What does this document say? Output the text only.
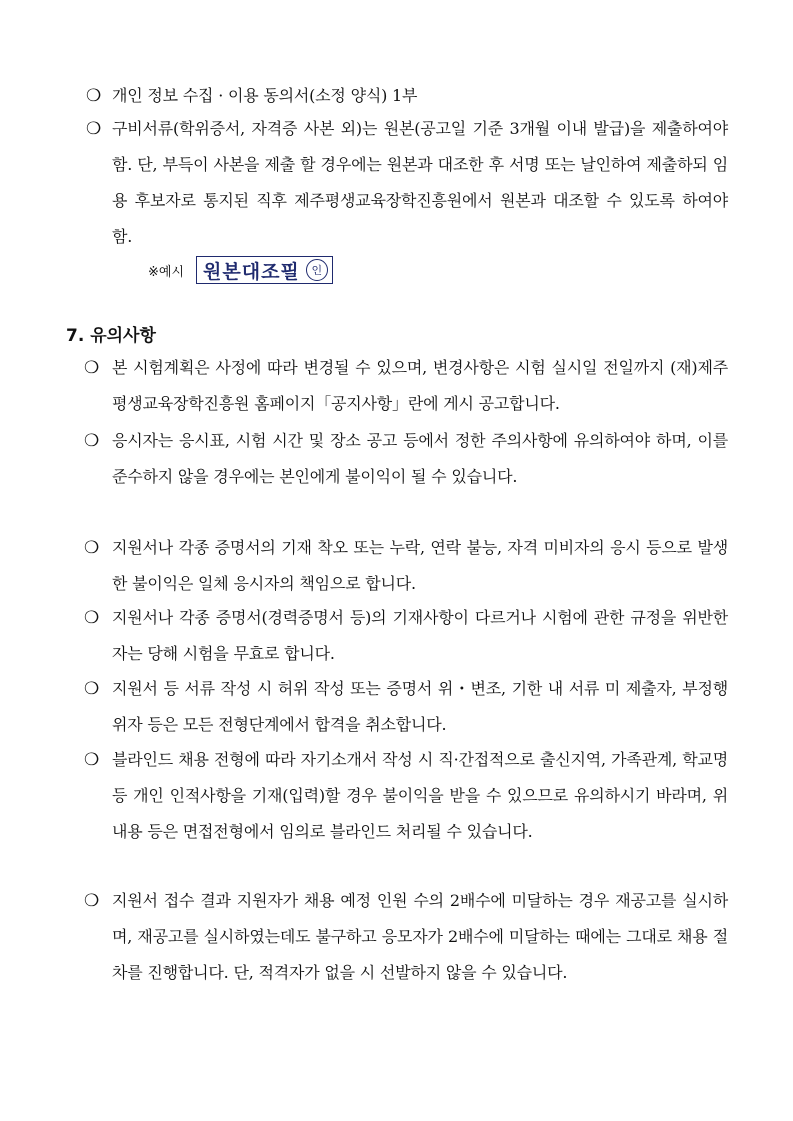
❍ 개인 정보 수집 · 이용 동의서(소정 양식) 1부
❍ 구비서류(학위증서, 자격증 사본 외)는 원본(공고일 기준 3개월 이내 발급)을 제출하여야 함. 단, 부득이 사본을 제출 할 경우에는 원본과 대조한 후 서명 또는 날인하여 제출하되 임용 후보자로 통지된 직후 제주평생교육장학진흥원에서 원본과 대조할 수 있도록 하여야 함.
※예시 원본대조필	인
7. 유의사항
❍ 본 시험계획은 사정에 따라 변경될 수 있으며, 변경사항은 시험 실시일 전일까지 (재)제주평생교육장학진흥원 홈페이지「공지사항」란에 게시 공고합니다.
❍ 응시자는 응시표, 시험 시간 및 장소 공고 등에서 정한 주의사항에 유의하여야 하며, 이를 준수하지 않을 경우에는 본인에게 불이익이 될 수 있습니다.
❍ 지원서나 각종 증명서의 기재 착오 또는 누락, 연락 불능, 자격 미비자의 응시 등으로 발생한 불이익은 일체 응시자의 책임으로 합니다.
❍ 지원서나 각종 증명서(경력증명서 등)의 기재사항이 다르거나 시험에 관한 규정을 위반한 자는 당해 시험을 무효로 합니다.
❍ 지원서 등 서류 작성 시 허위 작성 또는 증명서 위・변조, 기한 내 서류 미 제출자, 부정행위자 등은 모든 전형단계에서 합격을 취소합니다.
❍ 블라인드 채용 전형에 따라 자기소개서 작성 시 직·간접적으로 출신지역, 가족관계, 학교명 등 개인 인적사항을 기재(입력)할 경우 불이익을 받을 수 있으므로 유의하시기 바라며, 위 내용 등은 면접전형에서 임의로 블라인드 처리될 수 있습니다.
❍ 지원서 접수 결과 지원자가 채용 예정 인원 수의 2배수에 미달하는 경우 재공고를 실시하며, 재공고를 실시하였는데도 불구하고 응모자가 2배수에 미달하는 때에는 그대로 채용 절차를 진행합니다. 단, 적격자가 없을 시 선발하지 않을 수 있습니다.
